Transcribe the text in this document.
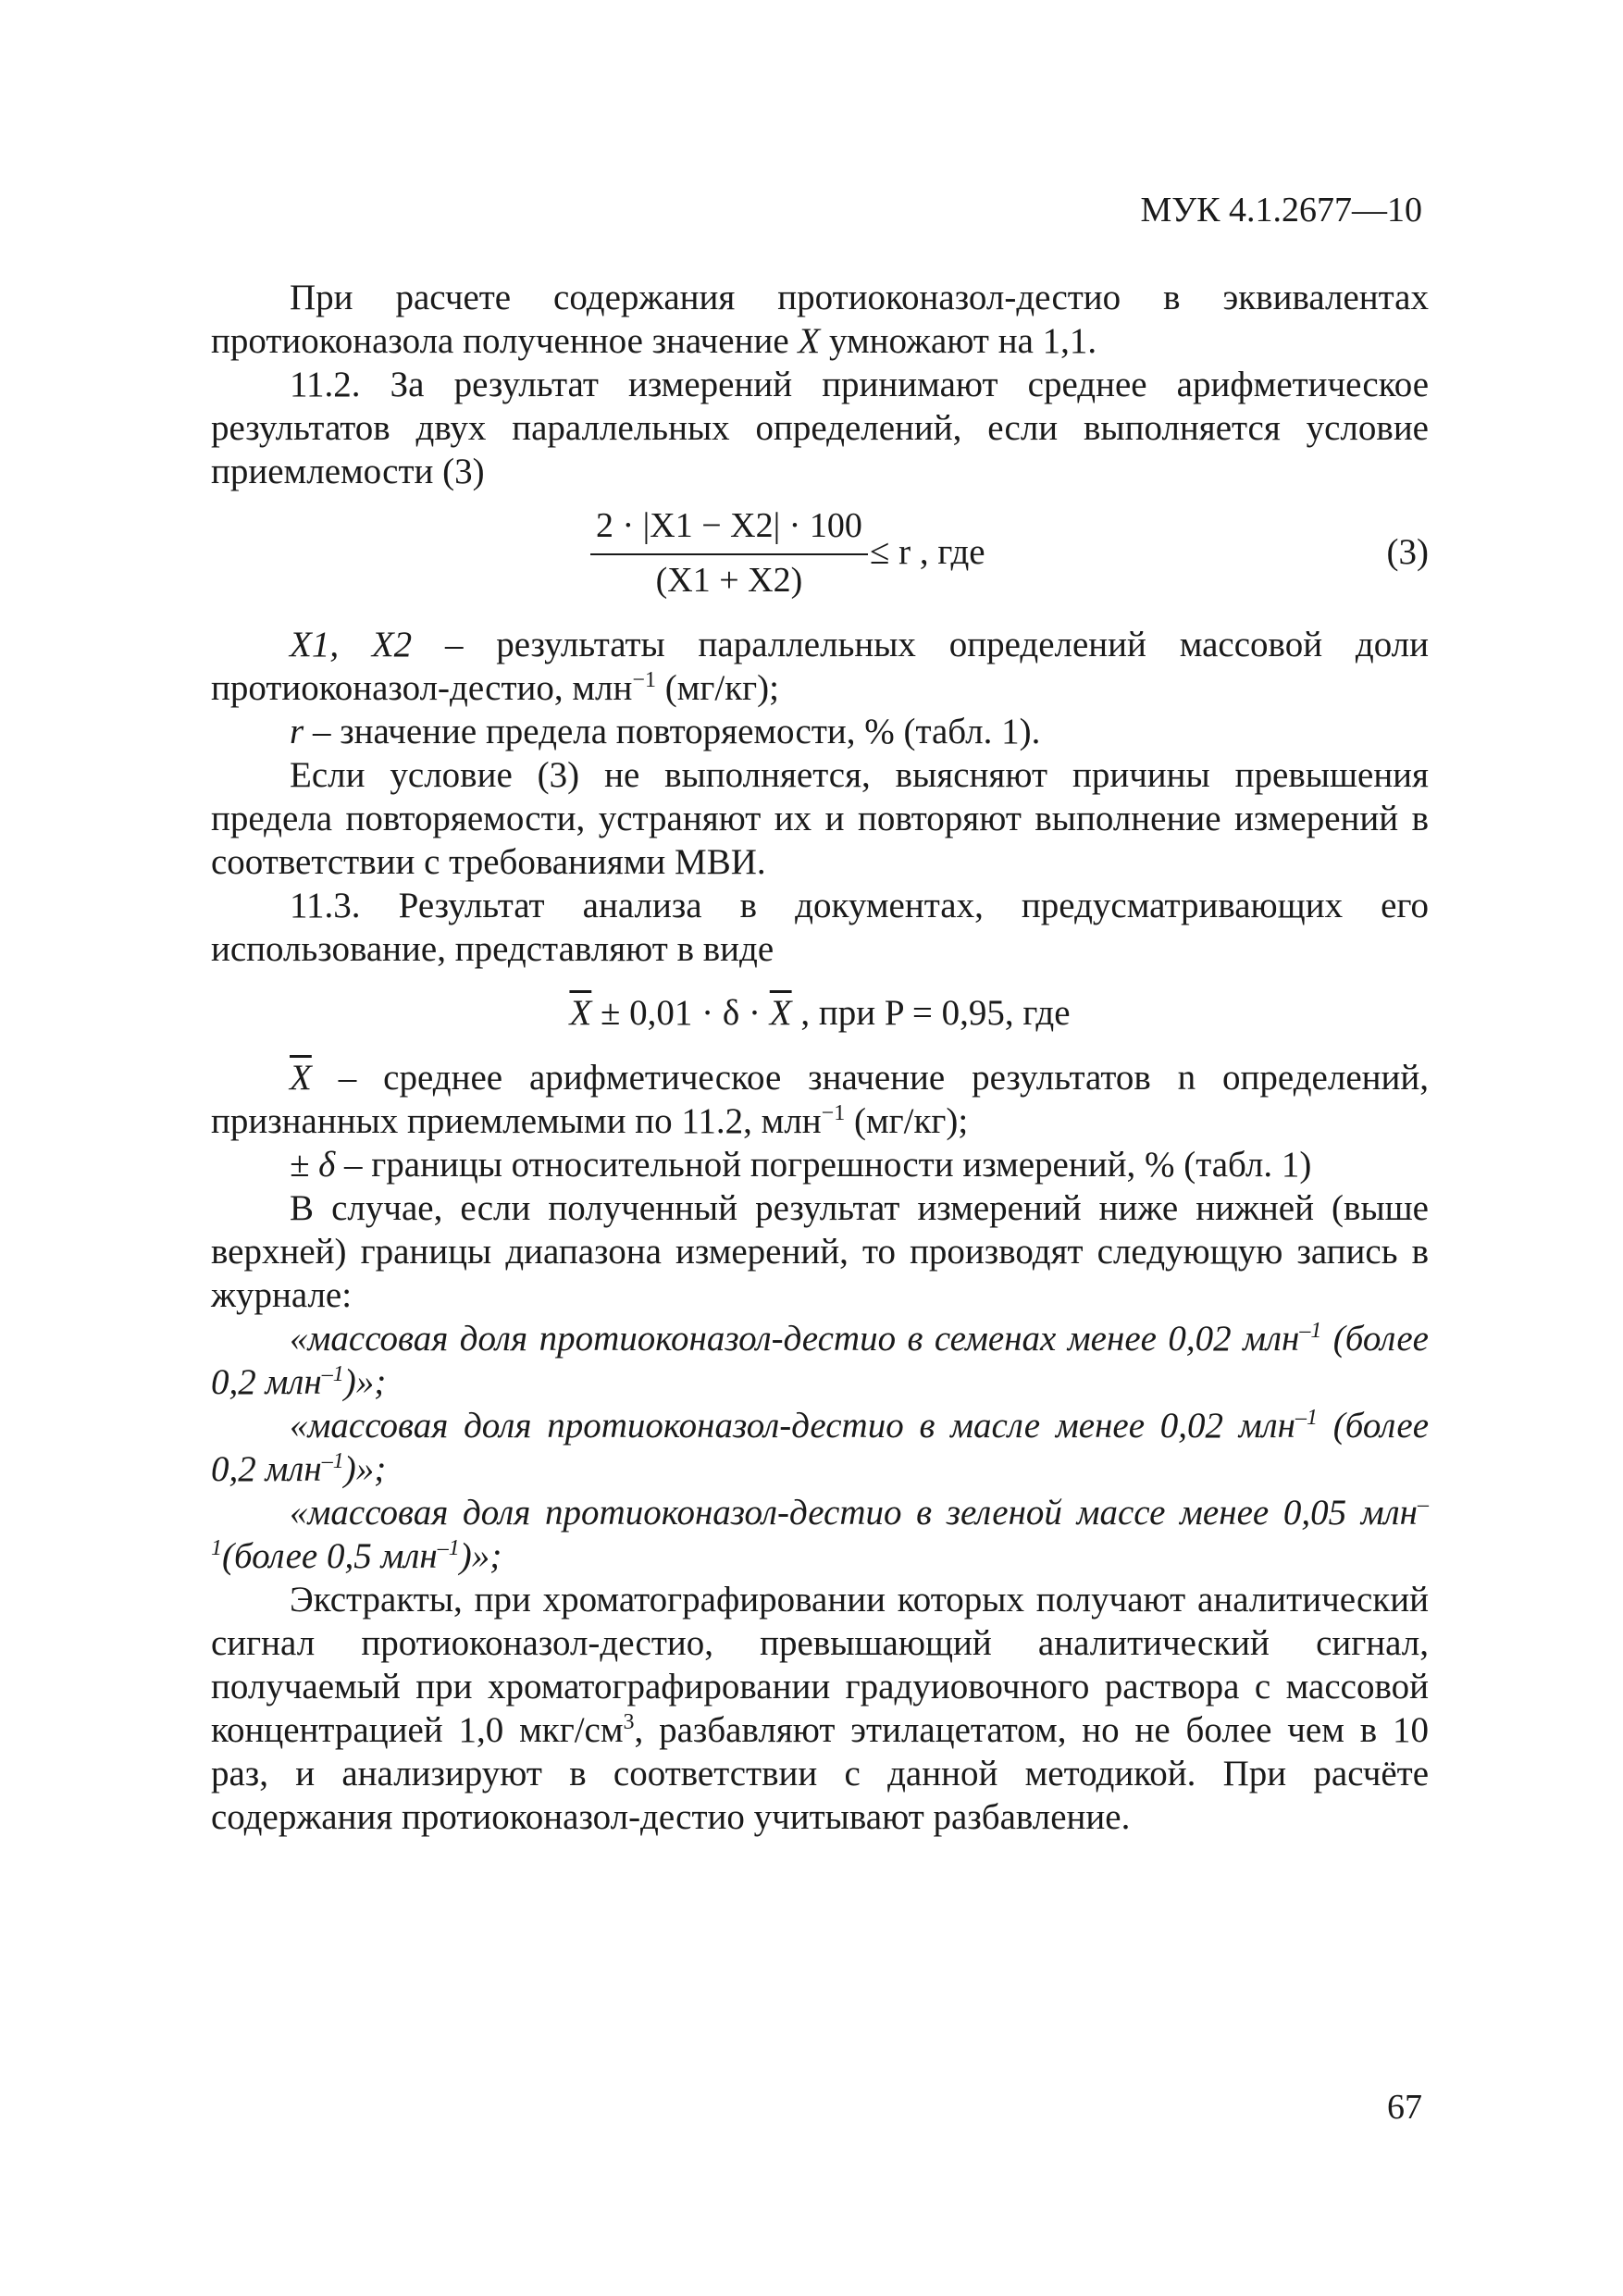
МУК 4.1.2677—10

При расчете содержания протиоконазол-дестио в эквивалентах протиоконазола полученное значение X умножают на 1,1.

11.2. За результат измерений принимают среднее арифметическое результатов двух параллельных определений, если выполняется условие приемлемости (3)

$\frac{2 \cdot |X1 - X2| \cdot 100}{(X1 + X2)} \le r$ , где	(3)

X1, X2 – результаты параллельных определений массовой доли протиоконазол-дестио, млн$^{-1}$ (мг/кг);

r – значение предела повторяемости, % (табл. 1).

Если условие (3) не выполняется, выясняют причины превышения предела повторяемости, устраняют их и повторяют выполнение измерений в соответствии с требованиями МВИ.

11.3. Результат анализа в документах, предусматривающих его использование, представляют в виде

$\overline{X} \pm 0,01 \cdot \delta \cdot \overline{X}$ , при P = 0,95, где

$\overline{X}$ – среднее арифметическое значение результатов n определений, признанных приемлемыми по 11.2, млн$^{-1}$ (мг/кг);

± δ – границы относительной погрешности измерений, % (табл. 1)

В случае, если полученный результат измерений ниже нижней (выше верхней) границы диапазона измерений, то производят следующую запись в журнале:

«массовая доля протиоконазол-дестио в семенах менее 0,02 млн$^{-1}$ (более 0,2 млн$^{-1}$)»;

«массовая доля протиоконазол-дестио в масле менее 0,02 млн$^{-1}$ (более 0,2 млн$^{-1}$)»;

«массовая доля протиоконазол-дестио в зеленой массе менее 0,05 млн$^{-1}$(более 0,5 млн$^{-1}$)»;

Экстракты, при хроматографировании которых получают аналитический сигнал протиоконазол-дестио, превышающий аналитический сигнал, получаемый при хроматографировании градуиовочного раствора с массовой концентрацией 1,0 мкг/$см^3$, разбавляют этилацетатом, но не более чем в 10 раз, и анализируют в соответствии с данной методикой. При расчёте содержания протиоконазол-дестио учитывают разбавление.

67
